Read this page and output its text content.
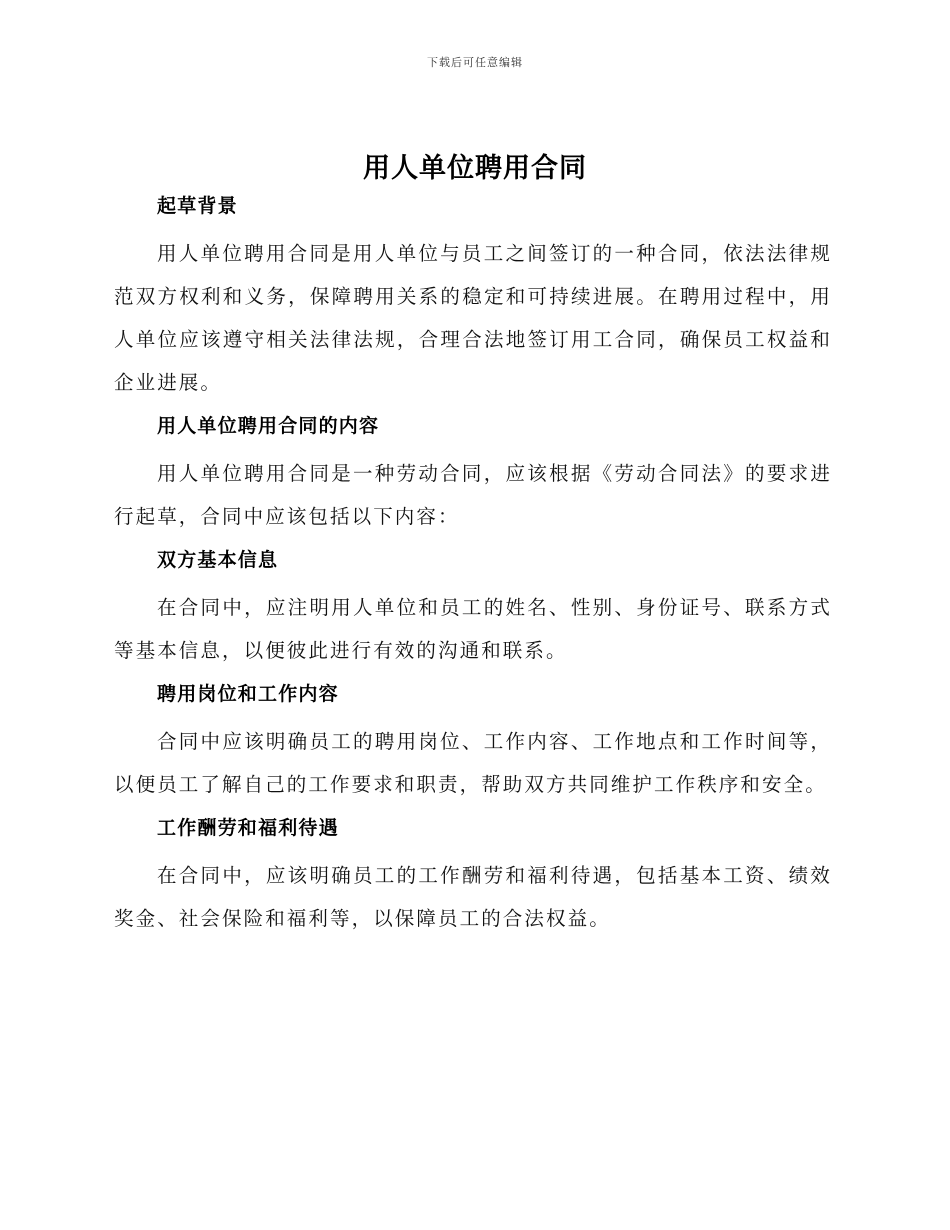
下载后可任意编辑
用人单位聘用合同
起草背景

用人单位聘用合同是用人单位与员工之间签订的一种合同，依法法律规范双方权利和义务，保障聘用关系的稳定和可持续进展。在聘用过程中，用人单位应该遵守相关法律法规，合理合法地签订用工合同，确保员工权益和企业进展。

用人单位聘用合同的内容

用人单位聘用合同是一种劳动合同，应该根据《劳动合同法》的要求进行起草，合同中应该包括以下内容：

双方基本信息

在合同中，应注明用人单位和员工的姓名、性别、身份证号、联系方式等基本信息，以便彼此进行有效的沟通和联系。

聘用岗位和工作内容

合同中应该明确员工的聘用岗位、工作内容、工作地点和工作时间等，以便员工了解自己的工作要求和职责，帮助双方共同维护工作秩序和安全。

工作酬劳和福利待遇

在合同中，应该明确员工的工作酬劳和福利待遇，包括基本工资、绩效奖金、社会保险和福利等，以保障员工的合法权益。
